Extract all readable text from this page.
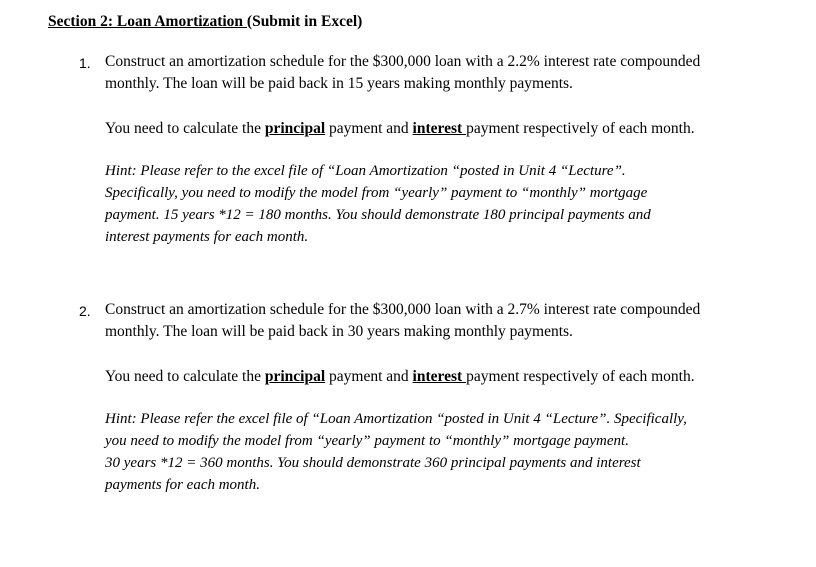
Section 2: Loan Amortization (Submit in Excel)
1. Construct an amortization schedule for the $300,000 loan with a 2.2% interest rate compounded
monthly. The loan will be paid back in 15 years making monthly payments.
You need to calculate the principal payment and interest payment respectively of each month.
Hint: Please refer to the excel file of “Loan Amortization “posted in Unit 4 “Lecture”.
Specifically, you need to modify the model from “yearly” payment to “monthly” mortgage
payment. 15 years *12 = 180 months. You should demonstrate 180 principal payments and
interest payments for each month.
2. Construct an amortization schedule for the $300,000 loan with a 2.7% interest rate compounded
monthly. The loan will be paid back in 30 years making monthly payments.
You need to calculate the principal payment and interest payment respectively of each month.
Hint: Please refer the excel file of “Loan Amortization “posted in Unit 4 “Lecture”. Specifically,
you need to modify the model from “yearly” payment to “monthly” mortgage payment.
30 years *12 = 360 months. You should demonstrate 360 principal payments and interest
payments for each month.
